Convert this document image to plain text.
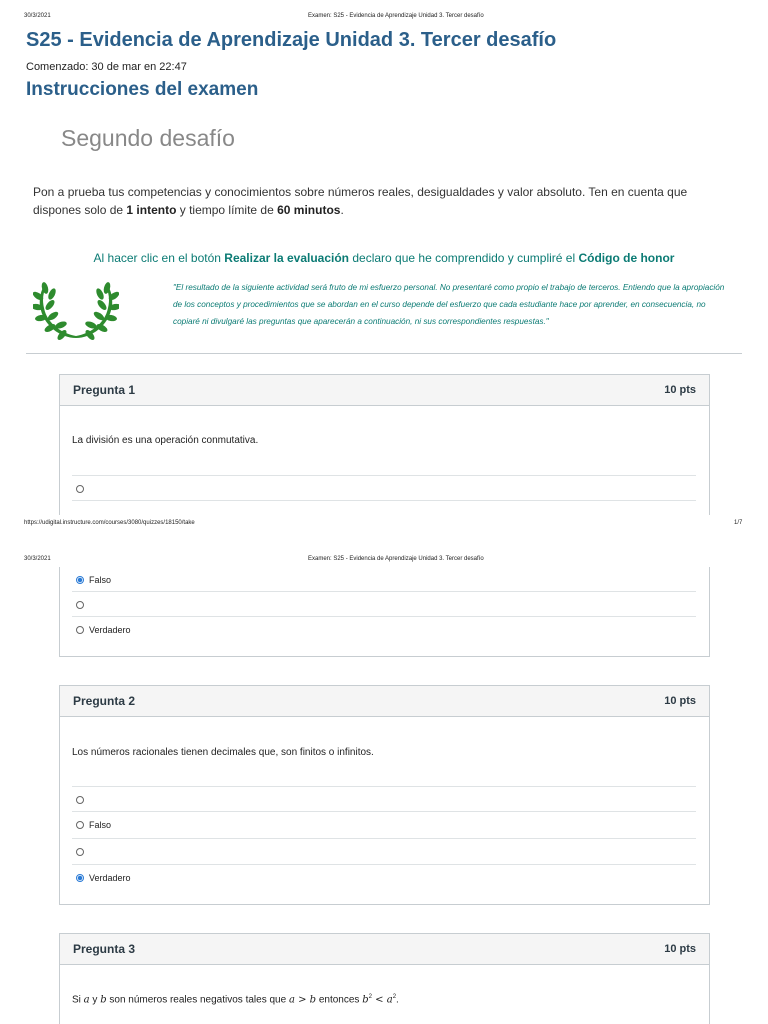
30/3/2021	Examen: S25 - Evidencia de Aprendizaje Unidad 3. Tercer desafío
S25 - Evidencia de Aprendizaje Unidad 3. Tercer desafío
Comenzado: 30 de mar en 22:47
Instrucciones del examen
Segundo desafío
Pon a prueba tus competencias y conocimientos sobre números reales, desigualdades y valor absoluto. Ten en cuenta que dispones solo de 1 intento y tiempo límite de 60 minutos.
Al hacer clic en el botón Realizar la evaluación declaro que he comprendido y cumpliré el Código de honor
"El resultado de la siguiente actividad será fruto de mi esfuerzo personal. No presentaré como propio el trabajo de terceros. Entiendo que la apropiación de los conceptos y procedimientos que se abordan en el curso depende del esfuerzo que cada estudiante hace por aprender, en consecuencia, no copiaré ni divulgaré las preguntas que aparecerán a continuación, ni sus correspondientes respuestas."
Pregunta 1	10 pts
La división es una operación conmutativa.
https://udigital.instructure.com/courses/3080/quizzes/18150/take	1/7
30/3/2021	Examen: S25 - Evidencia de Aprendizaje Unidad 3. Tercer desafío
Falso
Verdadero
Pregunta 2	10 pts
Los números racionales tienen decimales que, son finitos o infinitos.
Falso
Verdadero
Pregunta 3	10 pts
Si a y b son números reales negativos tales que a > b entonces $b^2 < a^2$.
